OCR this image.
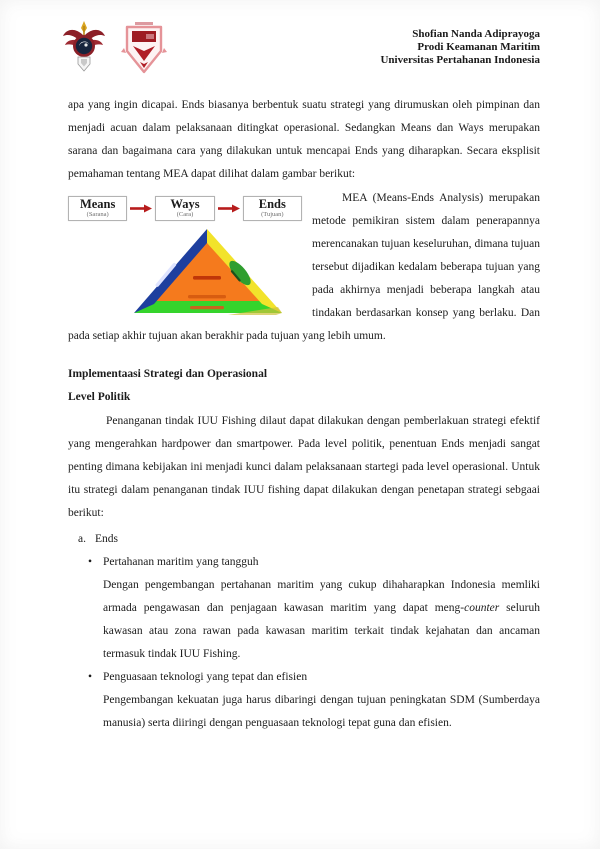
Shofian Nanda Adiprayoga
Prodi Keamanan Maritim
Universitas Pertahanan Indonesia

apa yang ingin dicapai. Ends biasanya berbentuk suatu strategi yang dirumuskan oleh pimpinan dan menjadi acuan dalam pelaksanaan ditingkat operasional. Sedangkan Means dan Ways merupakan sarana dan bagaimana cara yang dilakukan untuk mencapai Ends yang diharapkan. Secara eksplisit pemahaman tentang MEA dapat dilihat dalam gambar berikut:

Means
(Sarana)
Ways
(Cara)
Ends
(Tujuan)

MEA (Means-Ends Analysis) merupakan metode pemikiran sistem dalam penerapannya merencanakan tujuan keseluruhan, dimana tujuan tersebut dijadikan kedalam beberapa tujuan yang pada akhirnya menjadi beberapa langkah atau tindakan berdasarkan konsep yang berlaku. Dan pada setiap akhir tujuan akan berakhir pada tujuan yang lebih umum.

Implementaasi Strategi dan Operasional
Level Politik

Penanganan tindak IUU Fishing dilaut dapat dilakukan dengan pemberlakuan strategi efektif yang mengerahkan hardpower dan smartpower. Pada level politik, penentuan Ends menjadi sangat penting dimana kebijakan ini menjadi kunci dalam pelaksanaan startegi pada level operasional. Untuk itu strategi dalam penanganan tindak IUU fishing dapat dilakukan dengan penetapan strategi sebgaai berikut:

a. Ends
• Pertahanan maritim yang tangguh

Dengan pengembangan pertahanan maritim yang cukup dihaharapkan Indonesia memliki armada pengawasan dan penjagaan kawasan maritim yang dapat meng-counter seluruh kawasan atau zona rawan pada kawasan maritim terkait tindak kejahatan dan ancaman termasuk tindak IUU Fishing.

• Penguasaan teknologi yang tepat dan efisien

Pengembangan kekuatan juga harus dibaringi dengan tujuan peningkatan SDM (Sumberdaya manusia) serta diiringi dengan penguasaan teknologi tepat guna dan efisien.
